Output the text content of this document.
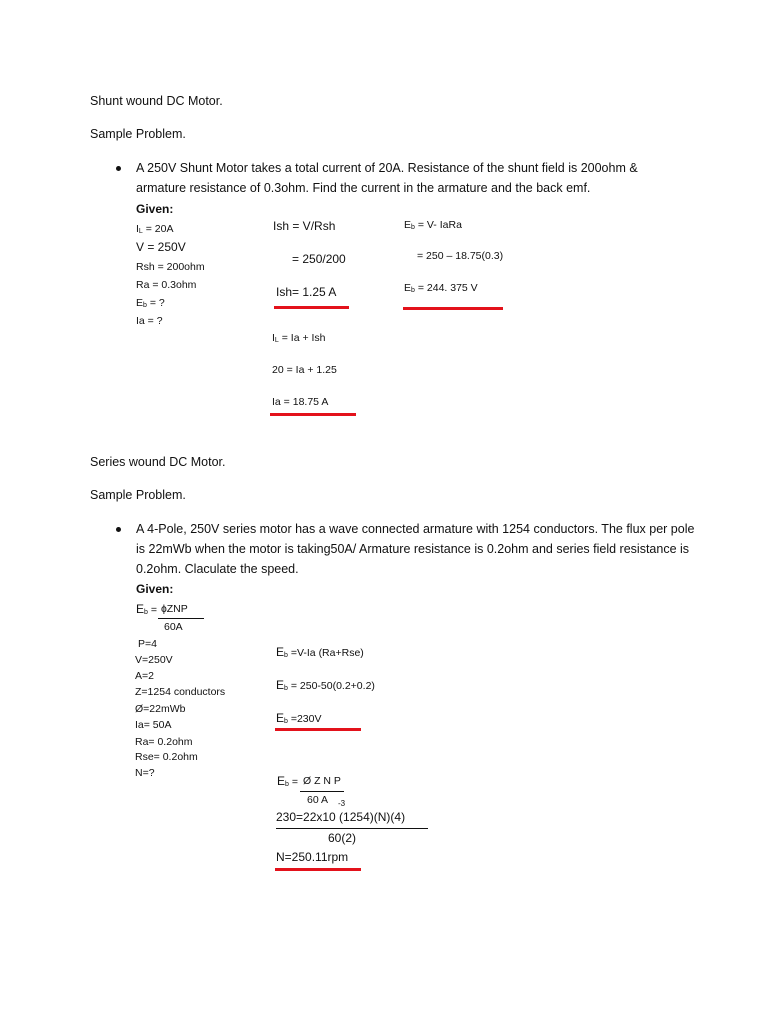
Shunt wound DC Motor.
Sample Problem.
A 250V Shunt Motor takes a total current of 20A. Resistance of the shunt field is 200ohm & armature resistance of 0.3ohm. Find the current in the armature and the back emf.
Given:
$I_L = 20A$
V = 250V
Rsh = 200ohm
Ra = 0.3ohm
$E_b$ = ?
Ia = ?
Ish = V/Rsh
= 250/200
Ish= 1.25 A
$E_b = V-$ IaRa
= 250 – 18.75(0.3)
$E_b = 244$. 375 V
$I_L = Ia$ + Ish
20 = Ia + 1.25
Ia = 18.75 A
Series wound DC Motor.
Sample Problem.
A 4-Pole, 250V series motor has a wave connected armature with 1254 conductors. The flux per pole is 22mWb when the motor is taking50A/ Armature resistance is 0.2ohm and series field resistance is 0.2ohm. Claculate the speed.
Given:
$E_b$ = ɸZNP
60A
P=4
V=250V
A=2
Z=1254 conductors
Ø=22mWb
Ia= 50A
Ra= 0.2ohm
Rse= 0.2ohm
N=?
$E_b =V-Ia$ (Ra+Rse)
$E_b = 250-50(0.2+0.2)$
$E_b =230V$
$E_b$ = Ø Z N P
60 A -3
230=22x10 (1254)(N)(4)
60(2)
N=250.11rpm
